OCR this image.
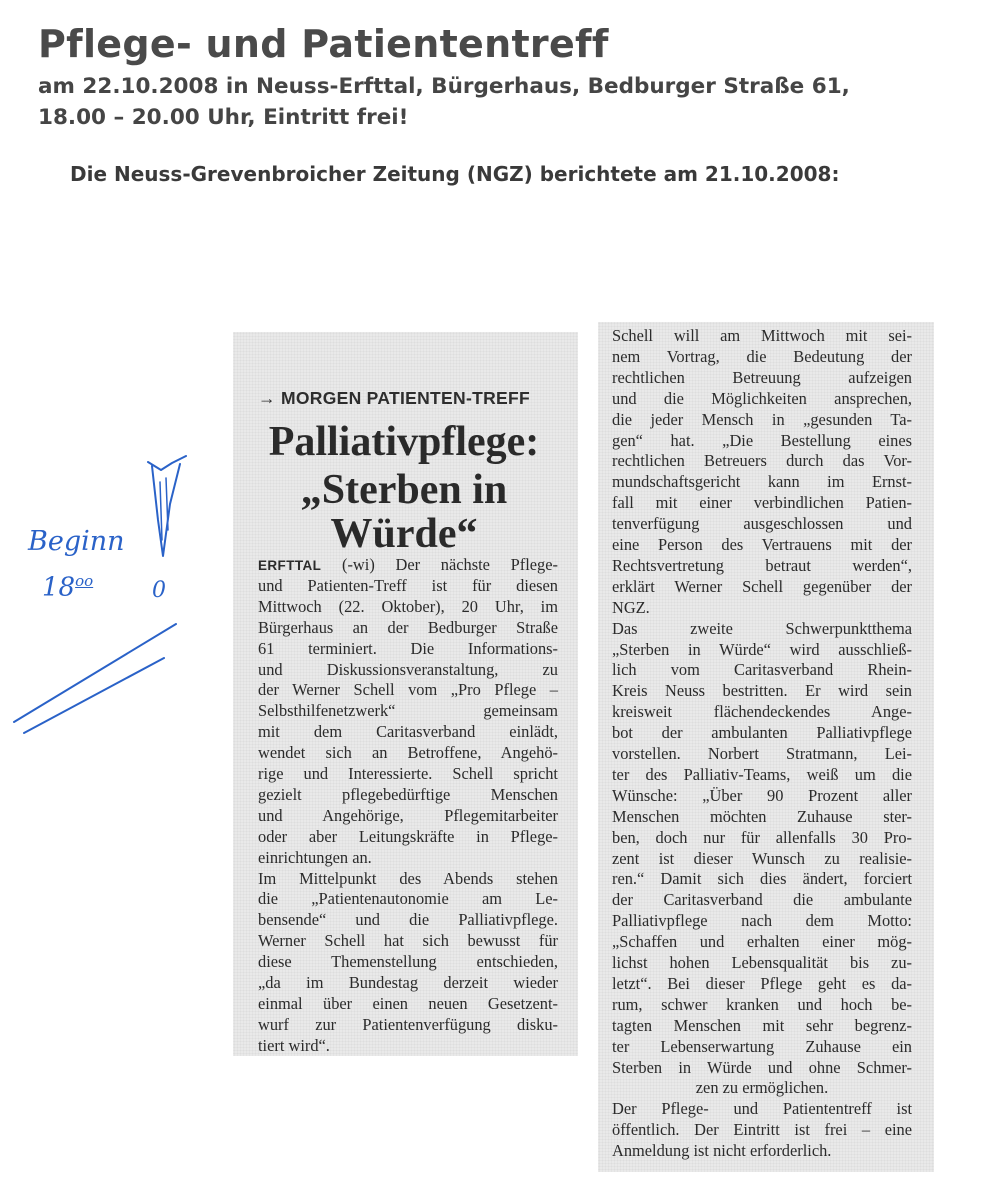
Pflege- und Patiententreff
am 22.10.2008 in Neuss-Erfttal, Bürgerhaus, Bedburger Straße 61,
18.00 – 20.00 Uhr, Eintritt frei!
Die Neuss-Grevenbroicher Zeitung (NGZ) berichtete am 21.10.2008:
→ MORGEN PATIENTEN-TREFF
Palliativpflege:
„Sterben in
Würde“
ERFTTAL (-wi) Der nächste Pflege-
und Patienten-Treff ist für diesen
Mittwoch (22. Oktober), 20 Uhr, im
Bürgerhaus an der Bedburger Straße
61 terminiert. Die Informations-
und Diskussionsveranstaltung, zu
der Werner Schell vom „Pro Pflege –
Selbsthilfenetzwerk“ gemeinsam
mit dem Caritasverband einlädt,
wendet sich an Betroffene, Angehö-
rige und Interessierte. Schell spricht
gezielt pflegebedürftige Menschen
und Angehörige, Pflegemitarbeiter
oder aber Leitungskräfte in Pflege-
einrichtungen an.
Im Mittelpunkt des Abends stehen
die „Patientenautonomie am Le-
bensende“ und die Palliativpflege.
Werner Schell hat sich bewusst für
diese Themenstellung entschieden,
„da im Bundestag derzeit wieder
einmal über einen neuen Gesetzent-
wurf zur Patientenverfügung disku-
tiert wird“.
Schell will am Mittwoch mit sei-
nem Vortrag, die Bedeutung der
rechtlichen Betreuung aufzeigen
und die Möglichkeiten ansprechen,
die jeder Mensch in „gesunden Ta-
gen“ hat. „Die Bestellung eines
rechtlichen Betreuers durch das Vor-
mundschaftsgericht kann im Ernst-
fall mit einer verbindlichen Patien-
tenverfügung ausgeschlossen und
eine Person des Vertrauens mit der
Rechtsvertretung betraut werden“,
erklärt Werner Schell gegenüber der
NGZ.
Das zweite Schwerpunktthema
„Sterben in Würde“ wird ausschließ-
lich vom Caritasverband Rhein-
Kreis Neuss bestritten. Er wird sein
kreisweit flächendeckendes Ange-
bot der ambulanten Palliativpflege
vorstellen. Norbert Stratmann, Lei-
ter des Palliativ-Teams, weiß um die
Wünsche: „Über 90 Prozent aller
Menschen möchten Zuhause ster-
ben, doch nur für allenfalls 30 Pro-
zent ist dieser Wunsch zu realisie-
ren.“ Damit sich dies ändert, forciert
der Caritasverband die ambulante
Palliativpflege nach dem Motto:
„Schaffen und erhalten einer mög-
lichst hohen Lebensqualität bis zu-
letzt“. Bei dieser Pflege geht es da-
rum, schwer kranken und hoch be-
tagten Menschen mit sehr begrenz-
ter Lebenserwartung Zuhause ein
Sterben in Würde und ohne Schmer-
zen zu ermöglichen.
Der Pflege- und Patiententreff ist
öffentlich. Der Eintritt ist frei – eine
Anmeldung ist nicht erforderlich.
Beginn
$18^{oo}$	0
